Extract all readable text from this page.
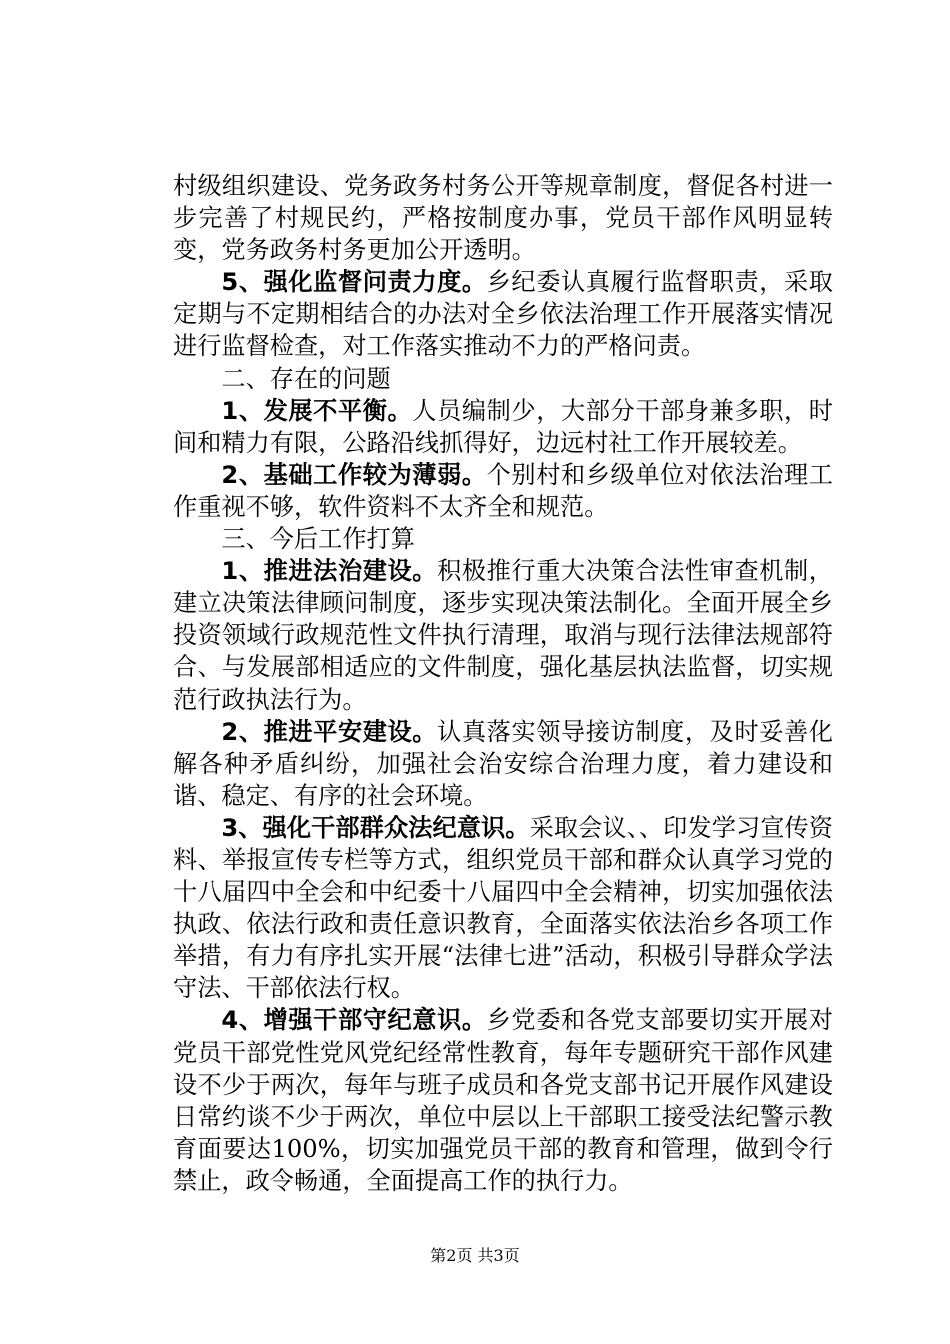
村级组织建设、党务政务村务公开等规章制度，督促各村进一步完善了村规民约，严格按制度办事，党员干部作风明显转变，党务政务村务更加公开透明。

5、强化监督问责力度。乡纪委认真履行监督职责，采取定期与不定期相结合的办法对全乡依法治理工作开展落实情况进行监督检查，对工作落实推动不力的严格问责。

二、存在的问题

1、发展不平衡。人员编制少，大部分干部身兼多职，时间和精力有限，公路沿线抓得好，边远村社工作开展较差。

2、基础工作较为薄弱。个别村和乡级单位对依法治理工作重视不够，软件资料不太齐全和规范。

三、今后工作打算

1、推进法治建设。积极推行重大决策合法性审查机制，建立决策法律顾问制度，逐步实现决策法制化。全面开展全乡投资领域行政规范性文件执行清理，取消与现行法律法规部符合、与发展部相适应的文件制度，强化基层执法监督，切实规范行政执法行为。

2、推进平安建设。认真落实领导接访制度，及时妥善化解各种矛盾纠纷，加强社会治安综合治理力度，着力建设和谐、稳定、有序的社会环境。

3、强化干部群众法纪意识。采取会议、、印发学习宣传资料、举报宣传专栏等方式，组织党员干部和群众认真学习党的十八届四中全会和中纪委十八届四中全会精神，切实加强依法执政、依法行政和责任意识教育，全面落实依法治乡各项工作举措，有力有序扎实开展“法律七进”活动，积极引导群众学法守法、干部依法行权。

4、增强干部守纪意识。乡党委和各党支部要切实开展对党员干部党性党风党纪经常性教育，每年专题研究干部作风建设不少于两次，每年与班子成员和各党支部书记开展作风建设日常约谈不少于两次，单位中层以上干部职工接受法纪警示教育面要达100%，切实加强党员干部的教育和管理，做到令行禁止，政令畅通，全面提高工作的执行力。

第2页 共3页
